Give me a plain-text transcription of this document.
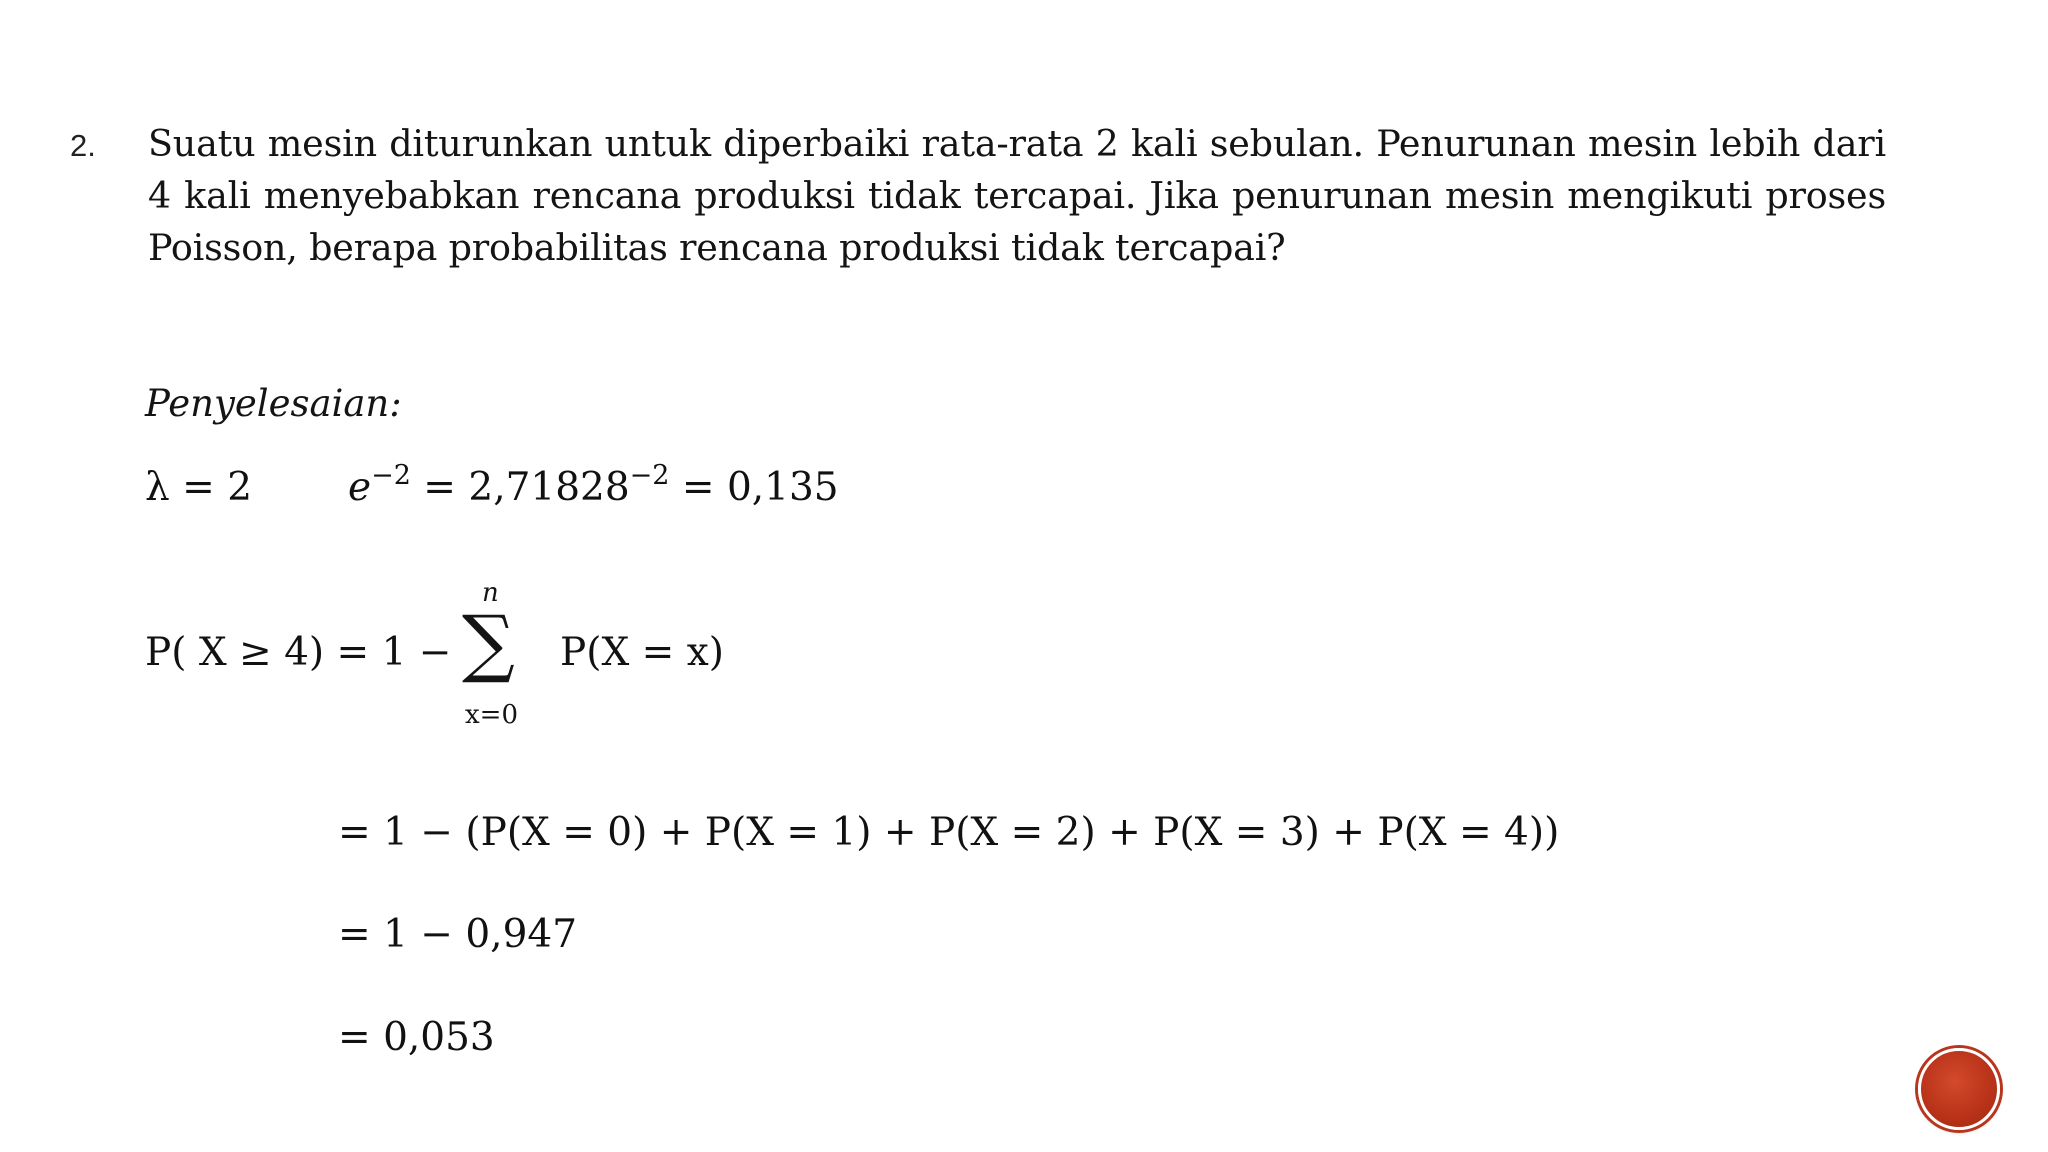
2. Suatu mesin diturunkan untuk diperbaiki rata-rata 2 kali sebulan. Penurunan mesin lebih dari 4 kali menyebabkan rencana produksi tidak tercapai. Jika penurunan mesin mengikuti proses Poisson, berapa probabilitas rencana produksi tidak tercapai?
Penyelesaian:
λ = 2 $e^{-2} = 2,71828^{-2} = 0,135$
P( X ≥ 4) = 1 −
n
∑
x=0
P(X = x)
= 1 − (P(X = 0) + P(X = 1) + P(X = 2) + P(X = 3) + P(X = 4))
= 1 − 0,947
= 0,053
